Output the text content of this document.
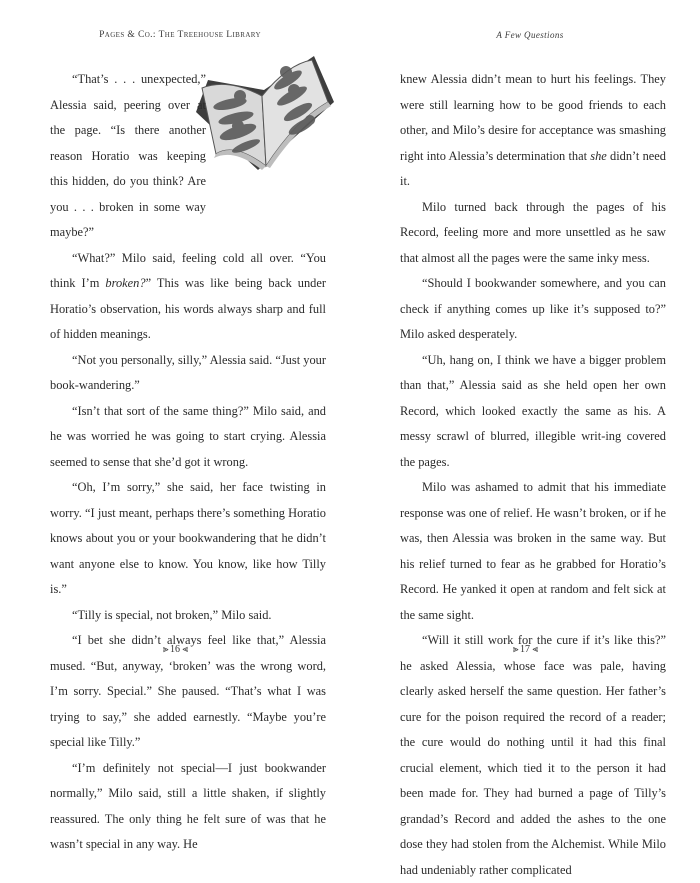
Pages & Co.: The Treehouse Library

“That’s . . . unexpected,” Alessia said, peering over at the page. “Is there another reason Horatio was keeping this hidden, do you think? Are you . . . broken in some way maybe?”

“What?” Milo said, feeling cold all over. “You think I’m broken?” This was like being back under Horatio’s observation, his words always sharp and full of hidden meanings.

“Not you personally, silly,” Alessia said. “Just your book-wandering.”

“Isn’t that sort of the same thing?” Milo said, and he was worried he was going to start crying. Alessia seemed to sense that she’d got it wrong.

“Oh, I’m sorry,” she said, her face twisting in worry. “I just meant, perhaps there’s something Horatio knows about you or your bookwandering that he didn’t want anyone else to know. You know, like how Tilly is.”

“Tilly is special, not broken,” Milo said.

“I bet she didn’t always feel like that,” Alessia mused. “But, anyway, ‘broken’ was the wrong word, I’m sorry. Special.” She paused. “That’s what I was trying to say,” she added earnestly. “Maybe you’re special like Tilly.”

“I’m definitely not special—I just bookwander normally,” Milo said, still a little shaken, if slightly reassured. The only thing he felt sure of was that he wasn’t special in any way. He

⫸ 16 ⫷
A Few Questions

knew Alessia didn’t mean to hurt his feelings. They were still learning how to be good friends to each other, and Milo’s desire for acceptance was smashing right into Alessia’s determination that she didn’t need it.

Milo turned back through the pages of his Record, feeling more and more unsettled as he saw that almost all the pages were the same inky mess.

“Should I bookwander somewhere, and you can check if anything comes up like it’s supposed to?” Milo asked desperately.

“Uh, hang on, I think we have a bigger problem than that,” Alessia said as she held open her own Record, which looked exactly the same as his. A messy scrawl of blurred, illegible writ-ing covered the pages.

Milo was ashamed to admit that his immediate response was one of relief. He wasn’t broken, or if he was, then Alessia was broken in the same way. But his relief turned to fear as he grabbed for Horatio’s Record. He yanked it open at random and felt sick at the same sight.

“Will it still work for the cure if it’s like this?” he asked Alessia, whose face was pale, having clearly asked herself the same question. Her father’s cure for the poison required the record of a reader; the cure would do nothing until it had this final crucial element, which tied it to the person it had been made for. They had burned a page of Tilly’s grandad’s Record and added the ashes to the one dose they had stolen from the Alchemist. While Milo had undeniably rather complicated

⫸ 17 ⫷
